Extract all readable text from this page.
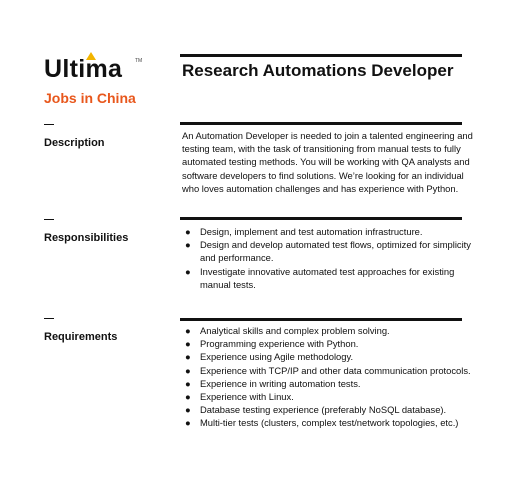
Ultima	TM
Jobs in China
Research Automations Developer
Description

An Automation Developer is needed to join a talented engineering and testing team, with the task of transitioning from manual tests to fully automated testing methods. You will be working with QA analysts and software developers to find solutions. We’re looking for an individual who loves automation challenges and has experience with Python.

Responsibilities
● Design, implement and test automation infrastructure.
● Design and develop automated test flows, optimized for simplicity and performance.
● Investigate innovative automated test approaches for existing manual tests.
Requirements
● Analytical skills and complex problem solving.
● Programming experience with Python.
● Experience using Agile methodology.
● Experience with TCP/IP and other data communication protocols.
● Experience in writing automation tests.
● Experience with Linux.
● Database testing experience (preferably NoSQL database).
● Multi-tier tests (clusters, complex test/network topologies, etc.)
